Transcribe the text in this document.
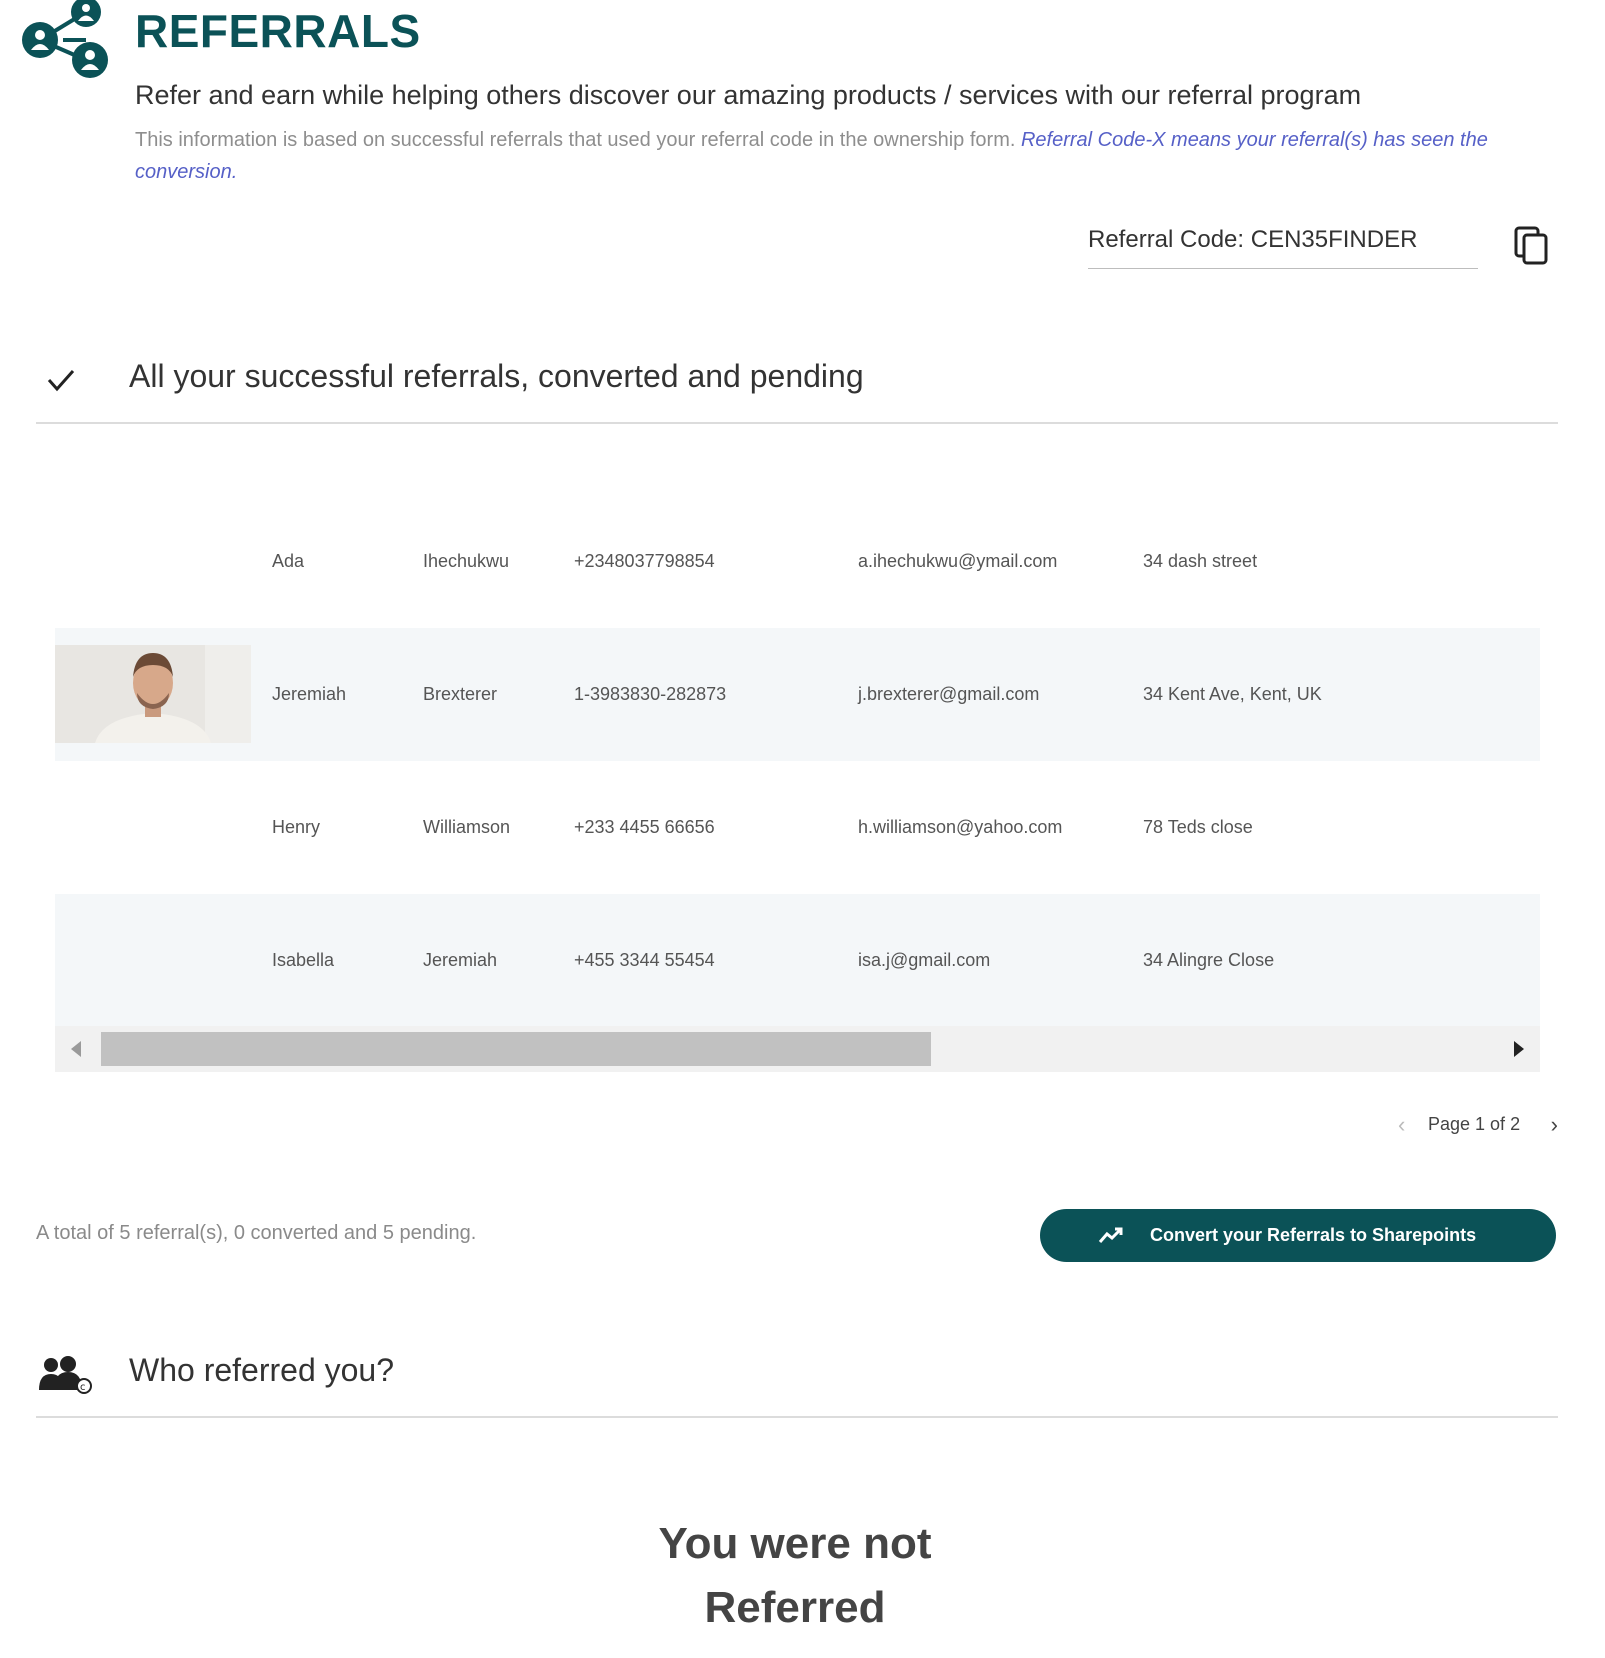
REFERRALS
Refer and earn while helping others discover our amazing products / services with our referral program
This information is based on successful referrals that used your referral code in the ownership form. Referral Code-X means your referral(s) has seen the conversion.
Referral Code: CEN35FINDER
All your successful referrals, converted and pending
Ada	Ihechukwu	+2348037798854	a.ihechukwu@ymail.com	34 dash street
Jeremiah	Brexterer	1-3983830-282873	j.brexterer@gmail.com	34 Kent Ave, Kent, UK
Henry	Williamson	+233 4455 66656	h.williamson@yahoo.com	78 Teds close
Isabella	Jeremiah	+455 3344 55454	isa.j@gmail.com	34 Alingre Close
‹ Page 1 of 2 ›
A total of 5 referral(s), 0 converted and 5 pending.	Convert your Referrals to Sharepoints
c Who referred you?
You were not
Referred
